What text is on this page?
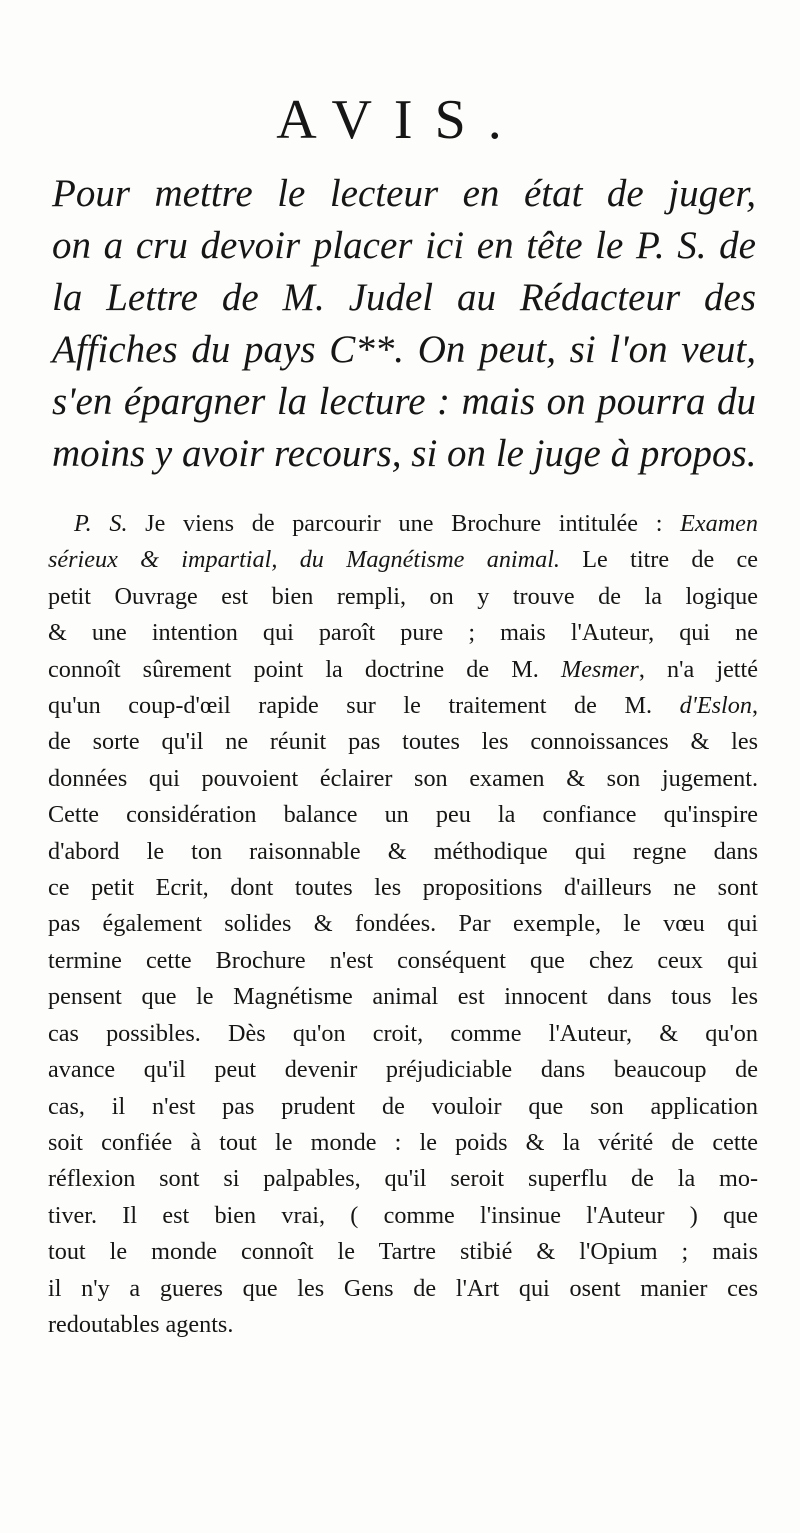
AVIS.
Pour mettre le lecteur en état de juger,
on a cru devoir placer ici en tête le P. S. de
la Lettre de M. Judel au Rédacteur des
Affiches du pays C**. On peut, si l'on veut,
s'en épargner la lecture : mais on pourra du
moins y avoir recours, si on le juge à propos.
P. S. Je viens de parcourir une Brochure intitulée : Examen
sérieux & impartial, du Magnétisme animal. Le titre de ce
petit Ouvrage est bien rempli, on y trouve de la logique
& une intention qui paroît pure ; mais l'Auteur, qui ne
connoît sûrement point la doctrine de M. Mesmer, n'a jetté
qu'un coup-d'œil rapide sur le traitement de M. d'Eslon,
de sorte qu'il ne réunit pas toutes les connoissances & les
données qui pouvoient éclairer son examen & son jugement.
Cette considération balance un peu la confiance qu'inspire
d'abord le ton raisonnable & méthodique qui regne dans
ce petit Ecrit, dont toutes les propositions d'ailleurs ne sont
pas également solides & fondées. Par exemple, le vœu qui
termine cette Brochure n'est conséquent que chez ceux qui
pensent que le Magnétisme animal est innocent dans tous les
cas possibles. Dès qu'on croit, comme l'Auteur, & qu'on
avance qu'il peut devenir préjudiciable dans beaucoup de
cas, il n'est pas prudent de vouloir que son application
soit confiée à tout le monde : le poids & la vérité de cette
réflexion sont si palpables, qu'il seroit superflu de la mo-
tiver. Il est bien vrai, ( comme l'insinue l'Auteur ) que
tout le monde connoît le Tartre stibié & l'Opium ; mais
il n'y a gueres que les Gens de l'Art qui osent manier ces
redoutables agents.
